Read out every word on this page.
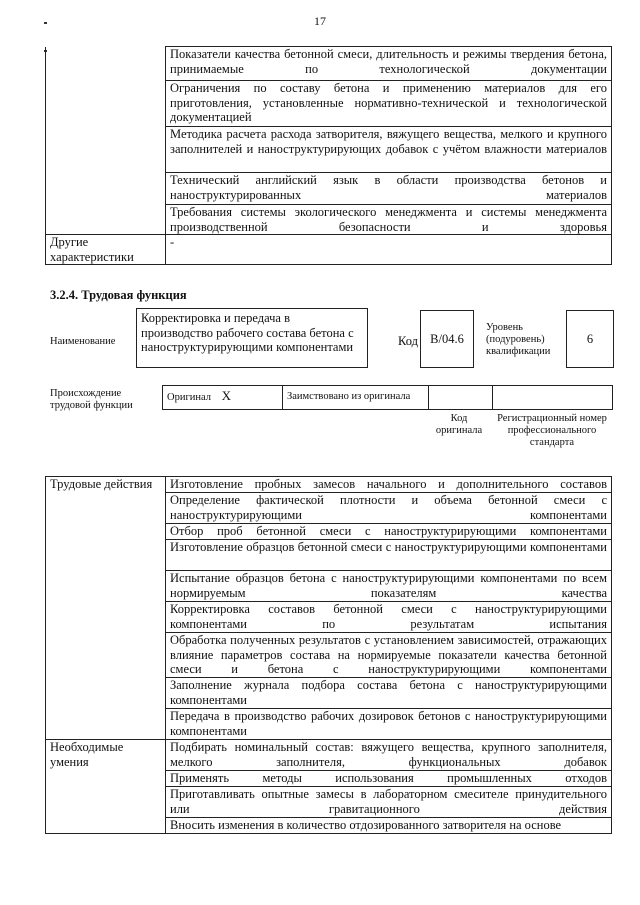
17
	Показатели качества бетонной смеси, длительность и режимы твердения бетона, принимаемые по технологической документации
	Ограничения по составу бетона и применению материалов для его приготовления, установленные нормативно-технической и технологической документацией
	Методика расчета расхода затворителя, вяжущего вещества, мелкого и крупного заполнителей и наноструктурирующих добавок с учётом влажности материалов
	Технический английский язык в области производства бетонов и наноструктурированных материалов
	Требования системы экологического менеджмента и системы менеджмента производственной безопасности и здоровья
Другие характеристики	-
3.2.4. Трудовая функция
Наименование
Корректировка и передача в производство рабочего состава бетона с наноструктурирующими компонентами	Код В/04.6
Уровень (подуровень) квалификации
6
Происхождение трудовой функции
Оригинал X	Заимствовано из оригинала		
Код оригинала
Регистрационный номер профессионального стандарта
Трудовые действия	Изготовление пробных замесов начального и дополнительного составов
	Определение фактической плотности и объема бетонной смеси с наноструктурирующими компонентами
	Отбор проб бетонной смеси с наноструктурирующими компонентами
	Изготовление образцов бетонной смеси с наноструктурирующими компонентами
	Испытание образцов бетона с наноструктурирующими компонентами по всем нормируемым показателям качества
	Корректировка составов бетонной смеси с наноструктурирующими компонентами по результатам испытания
	Обработка полученных результатов с установлением зависимостей, отражающих влияние параметров состава на нормируемые показатели качества бетонной смеси и бетона с наноструктурирующими компонентами
	Заполнение журнала подбора состава бетона с наноструктурирующими компонентами
	Передача в производство рабочих дозировок бетонов с наноструктурирующими компонентами
Необходимые умения	Подбирать номинальный состав: вяжущего вещества, крупного заполнителя, мелкого заполнителя, функциональных добавок
	Применять методы использования промышленных отходов
	Приготавливать опытные замесы в лабораторном смесителе принудительного или гравитационного действия
	Вносить изменения в количество отдозированного затворителя на основе
